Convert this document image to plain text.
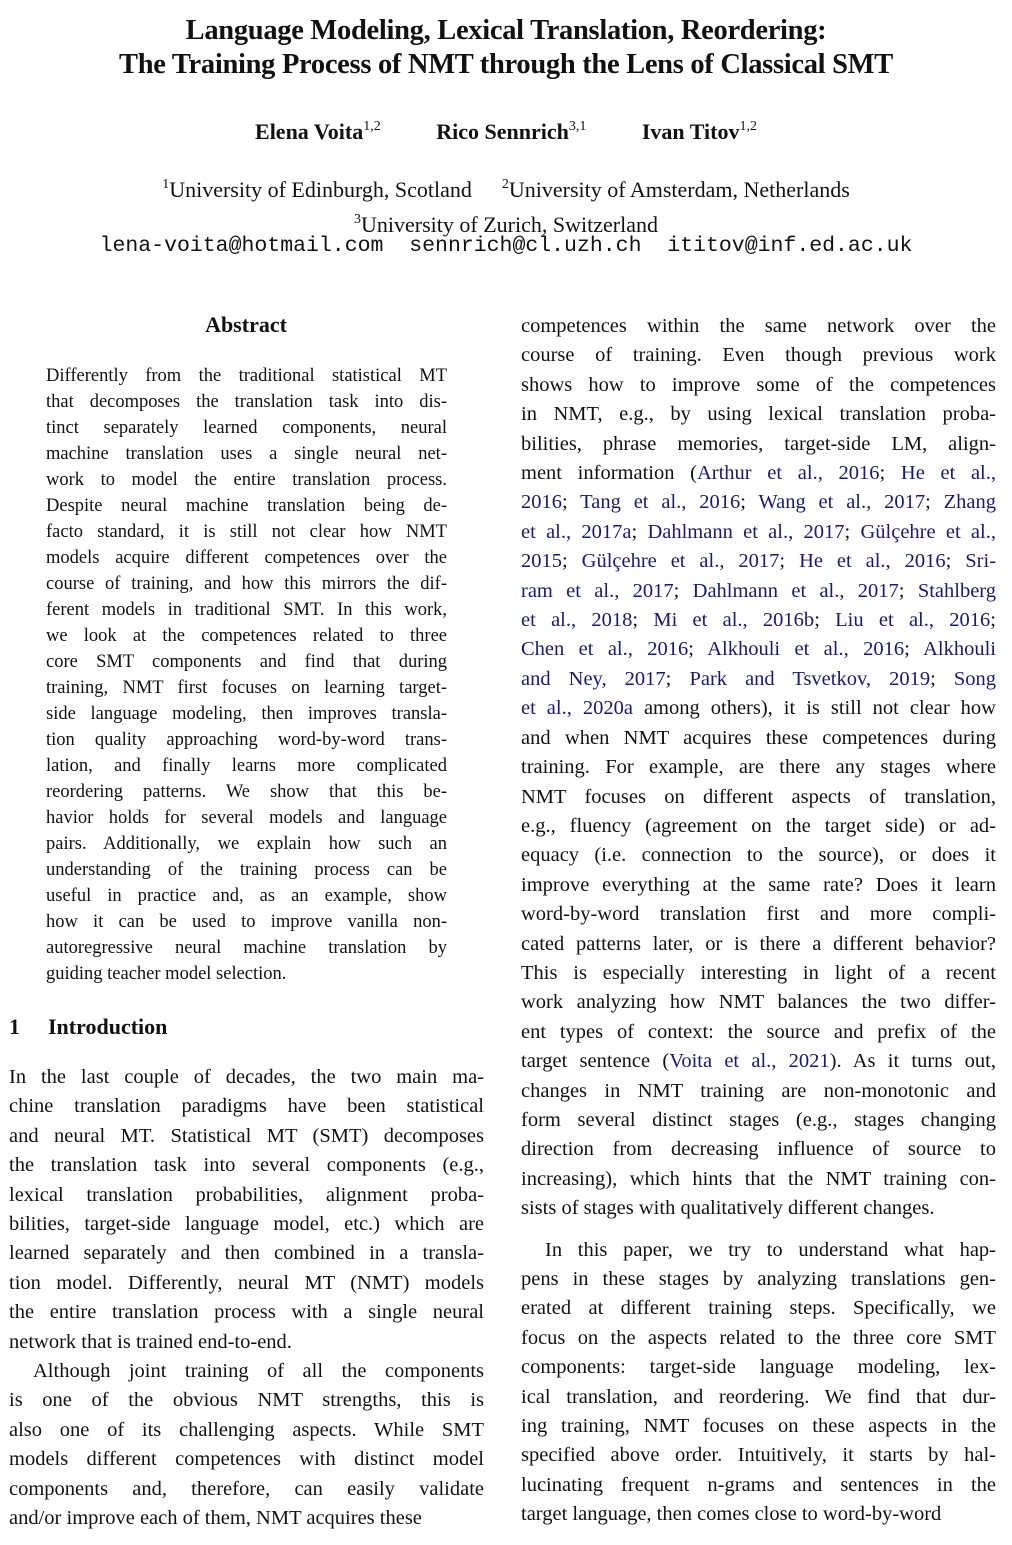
Language Modeling, Lexical Translation, Reordering:
The Training Process of NMT through the Lens of Classical SMT
Elena Voita$^{1,2}$	Rico Sennrich$^{3,1}$	Ivan Titov$^{1,2}$
$^1$University of Edinburgh, Scotland $^2$University of Amsterdam, Netherlands
$^3$University of Zurich, Switzerland
lena-voita@hotmail.com sennrich@cl.uzh.ch ititov@inf.ed.ac.uk
Abstract
Differently from the traditional statistical MT
that decomposes the translation task into dis-
tinct separately learned components, neural
machine translation uses a single neural net-
work to model the entire translation process.
Despite neural machine translation being de-
facto standard, it is still not clear how NMT
models acquire different competences over the
course of training, and how this mirrors the dif-
ferent models in traditional SMT. In this work,
we look at the competences related to three
core SMT components and find that during
training, NMT first focuses on learning target-
side language modeling, then improves transla-
tion quality approaching word-by-word trans-
lation, and finally learns more complicated
reordering patterns. We show that this be-
havior holds for several models and language
pairs. Additionally, we explain how such an
understanding of the training process can be
useful in practice and, as an example, show
how it can be used to improve vanilla non-
autoregressive neural machine translation by
guiding teacher model selection.
1 Introduction

In the last couple of decades, the two main ma-
chine translation paradigms have been statistical
and neural MT. Statistical MT (SMT) decomposes
the translation task into several components (e.g.,
lexical translation probabilities, alignment proba-
bilities, target-side language model, etc.) which are
learned separately and then combined in a transla-
tion model. Differently, neural MT (NMT) models
the entire translation process with a single neural
network that is trained end-to-end.

Although joint training of all the components
is one of the obvious NMT strengths, this is
also one of its challenging aspects. While SMT
models different competences with distinct model
components and, therefore, can easily validate
and/or improve each of them, NMT acquires these

competences within the same network over the
course of training. Even though previous work
shows how to improve some of the competences
in NMT, e.g., by using lexical translation proba-
bilities, phrase memories, target-side LM, align-
ment information (Arthur et al., 2016; He et al.,
2016; Tang et al., 2016; Wang et al., 2017; Zhang
et al., 2017a; Dahlmann et al., 2017; Gülçehre et al.,
2015; Gülçehre et al., 2017; He et al., 2016; Sri-
ram et al., 2017; Dahlmann et al., 2017; Stahlberg
et al., 2018; Mi et al., 2016b; Liu et al., 2016;
Chen et al., 2016; Alkhouli et al., 2016; Alkhouli
and Ney, 2017; Park and Tsvetkov, 2019; Song
et al., 2020a among others), it is still not clear how
and when NMT acquires these competences during
training. For example, are there any stages where
NMT focuses on different aspects of translation,
e.g., fluency (agreement on the target side) or ad-
equacy (i.e. connection to the source), or does it
improve everything at the same rate? Does it learn
word-by-word translation first and more compli-
cated patterns later, or is there a different behavior?
This is especially interesting in light of a recent
work analyzing how NMT balances the two differ-
ent types of context: the source and prefix of the
target sentence (Voita et al., 2021). As it turns out,
changes in NMT training are non-monotonic and
form several distinct stages (e.g., stages changing
direction from decreasing influence of source to
increasing), which hints that the NMT training con-
sists of stages with qualitatively different changes.

In this paper, we try to understand what hap-
pens in these stages by analyzing translations gen-
erated at different training steps. Specifically, we
focus on the aspects related to the three core SMT
components: target-side language modeling, lex-
ical translation, and reordering. We find that dur-
ing training, NMT focuses on these aspects in the
specified above order. Intuitively, it starts by hal-
lucinating frequent n-grams and sentences in the
target language, then comes close to word-by-word
